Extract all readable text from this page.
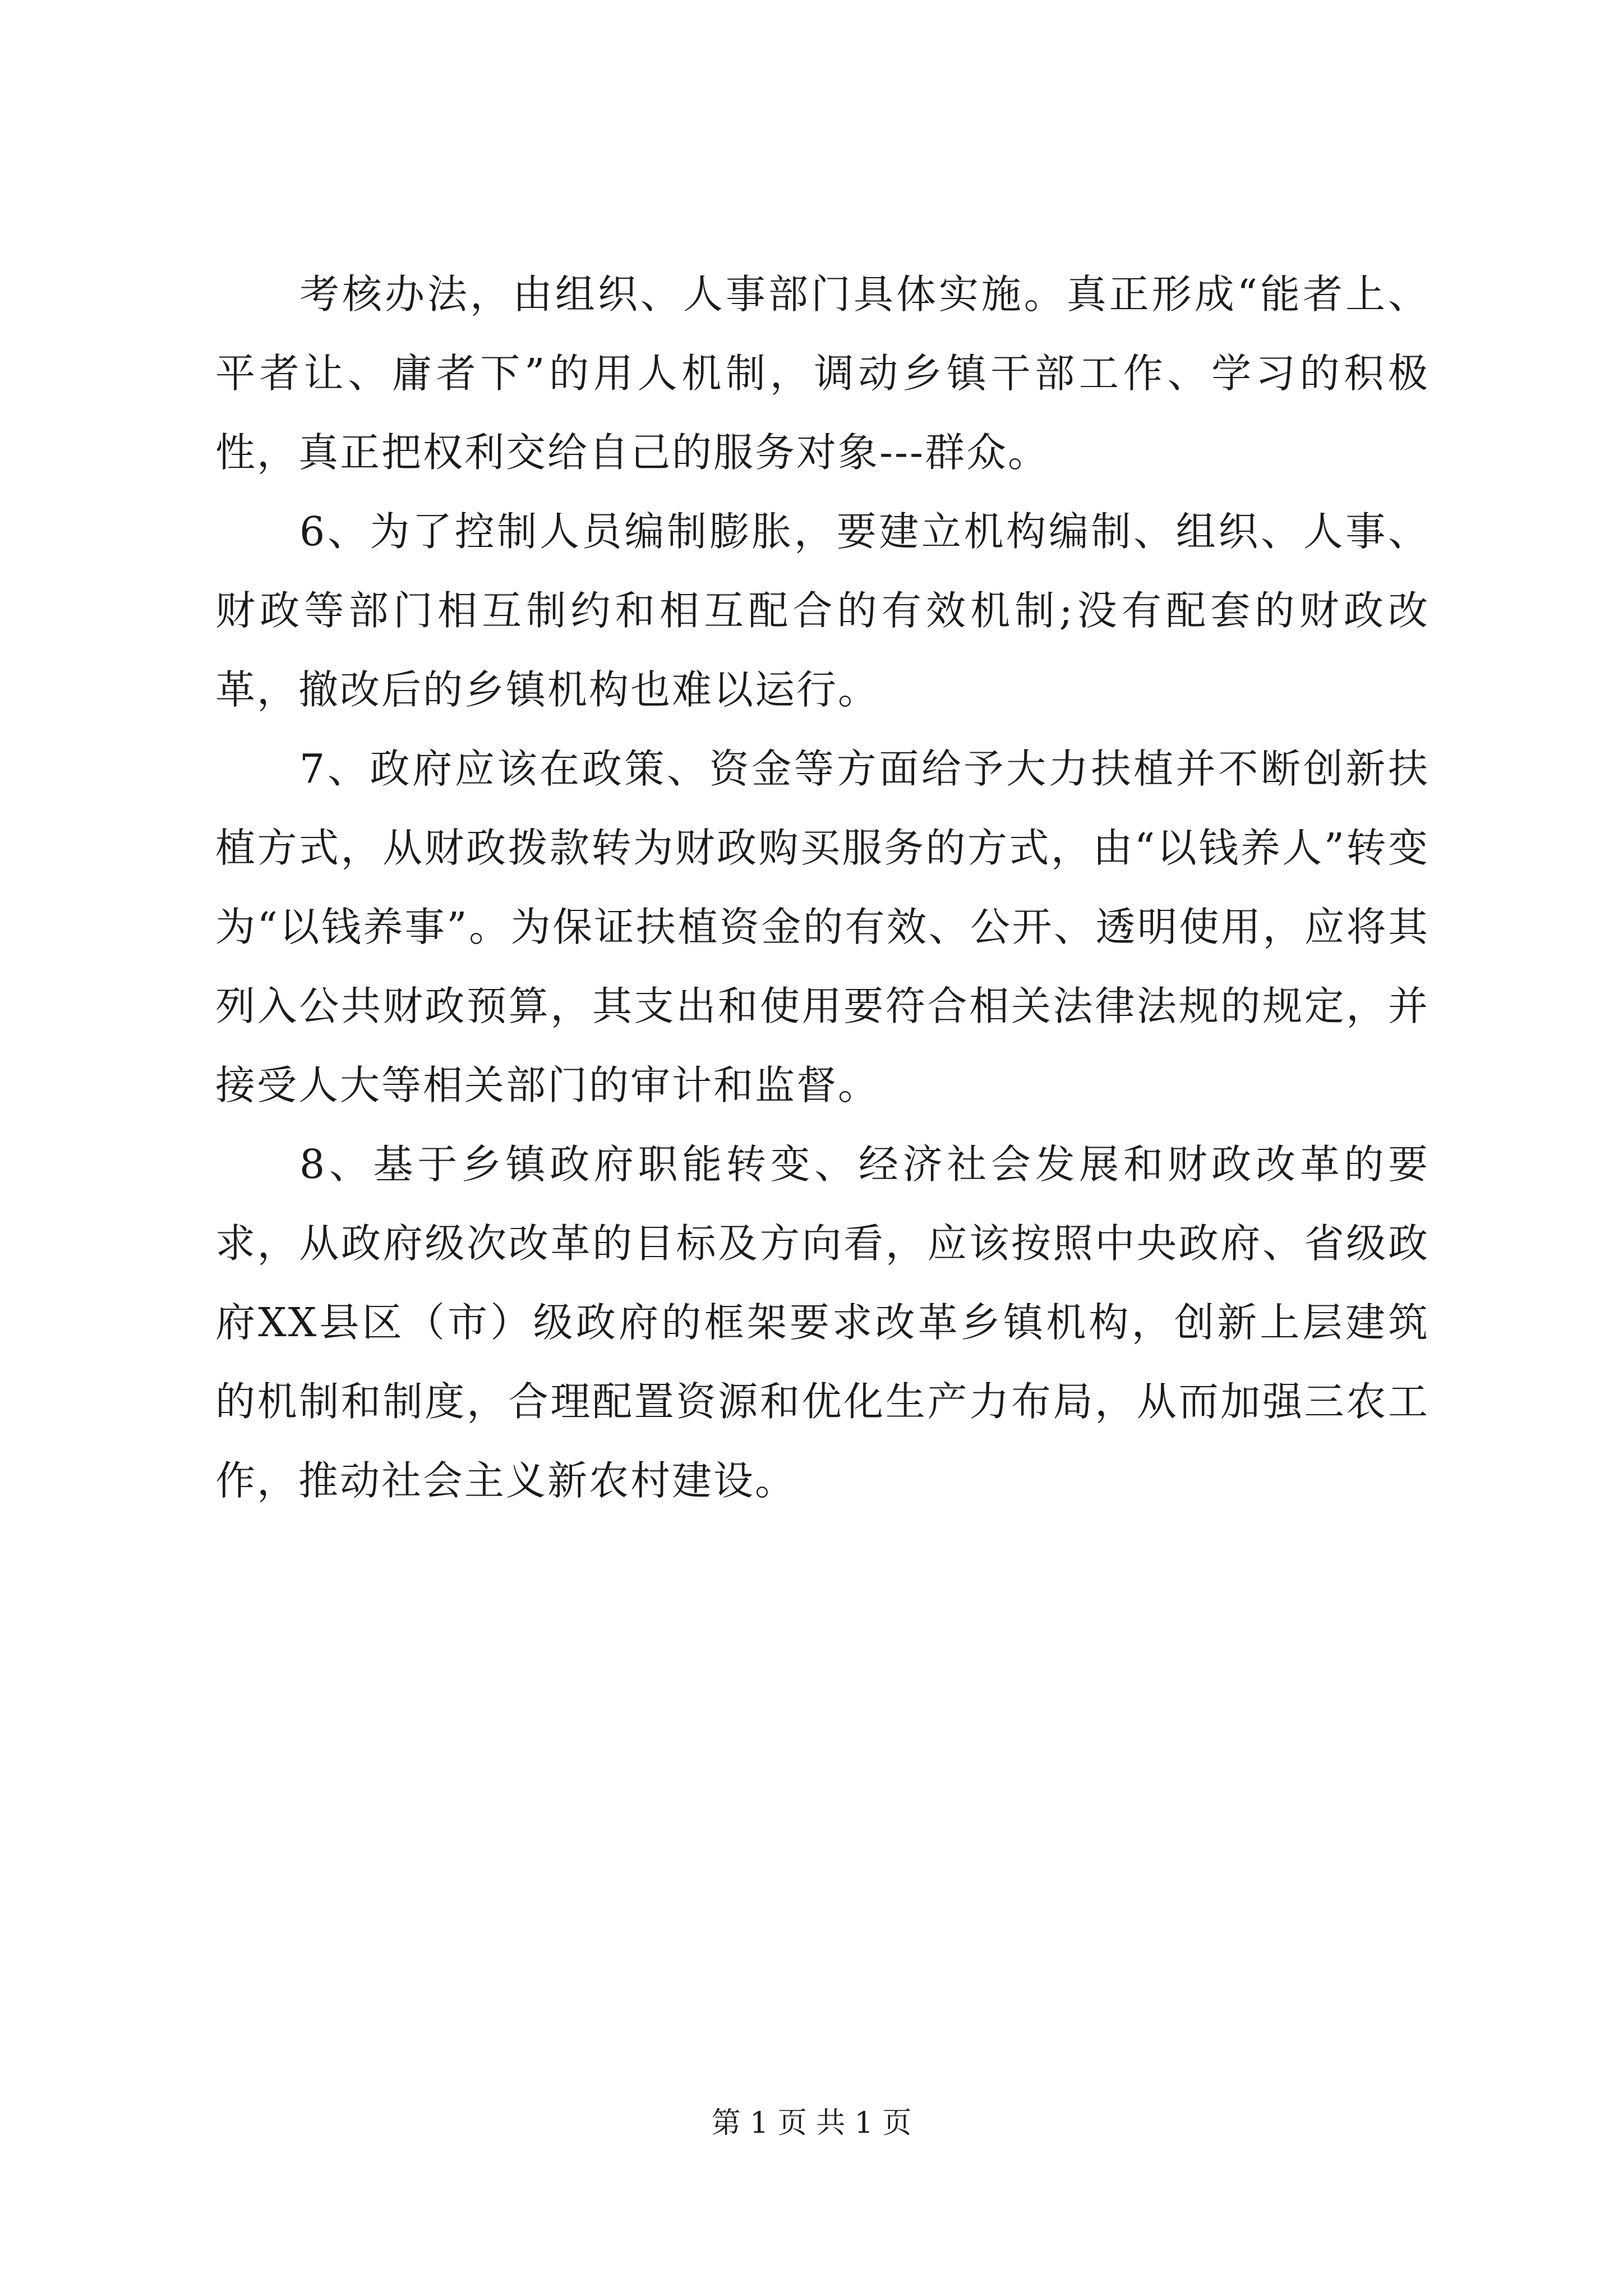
考核办法，由组织、人事部门具体实施。真正形成“能者上、平者让、庸者下”的用人机制，调动乡镇干部工作、学习的积极性，真正把权利交给自己的服务对象---群众。

6、为了控制人员编制膨胀，要建立机构编制、组织、人事、财政等部门相互制约和相互配合的有效机制;没有配套的财政改革，撤改后的乡镇机构也难以运行。

7、政府应该在政策、资金等方面给予大力扶植并不断创新扶植方式，从财政拨款转为财政购买服务的方式，由“以钱养人”转变为“以钱养事”。为保证扶植资金的有效、公开、透明使用，应将其列入公共财政预算，其支出和使用要符合相关法律法规的规定，并接受人大等相关部门的审计和监督。

8、基于乡镇政府职能转变、经济社会发展和财政改革的要求，从政府级次改革的目标及方向看，应该按照中央政府、省级政府XX县区（市）级政府的框架要求改革乡镇机构，创新上层建筑的机制和制度，合理配置资源和优化生产力布局，从而加强三农工作，推动社会主义新农村建设。

第 1 页 共 1 页
